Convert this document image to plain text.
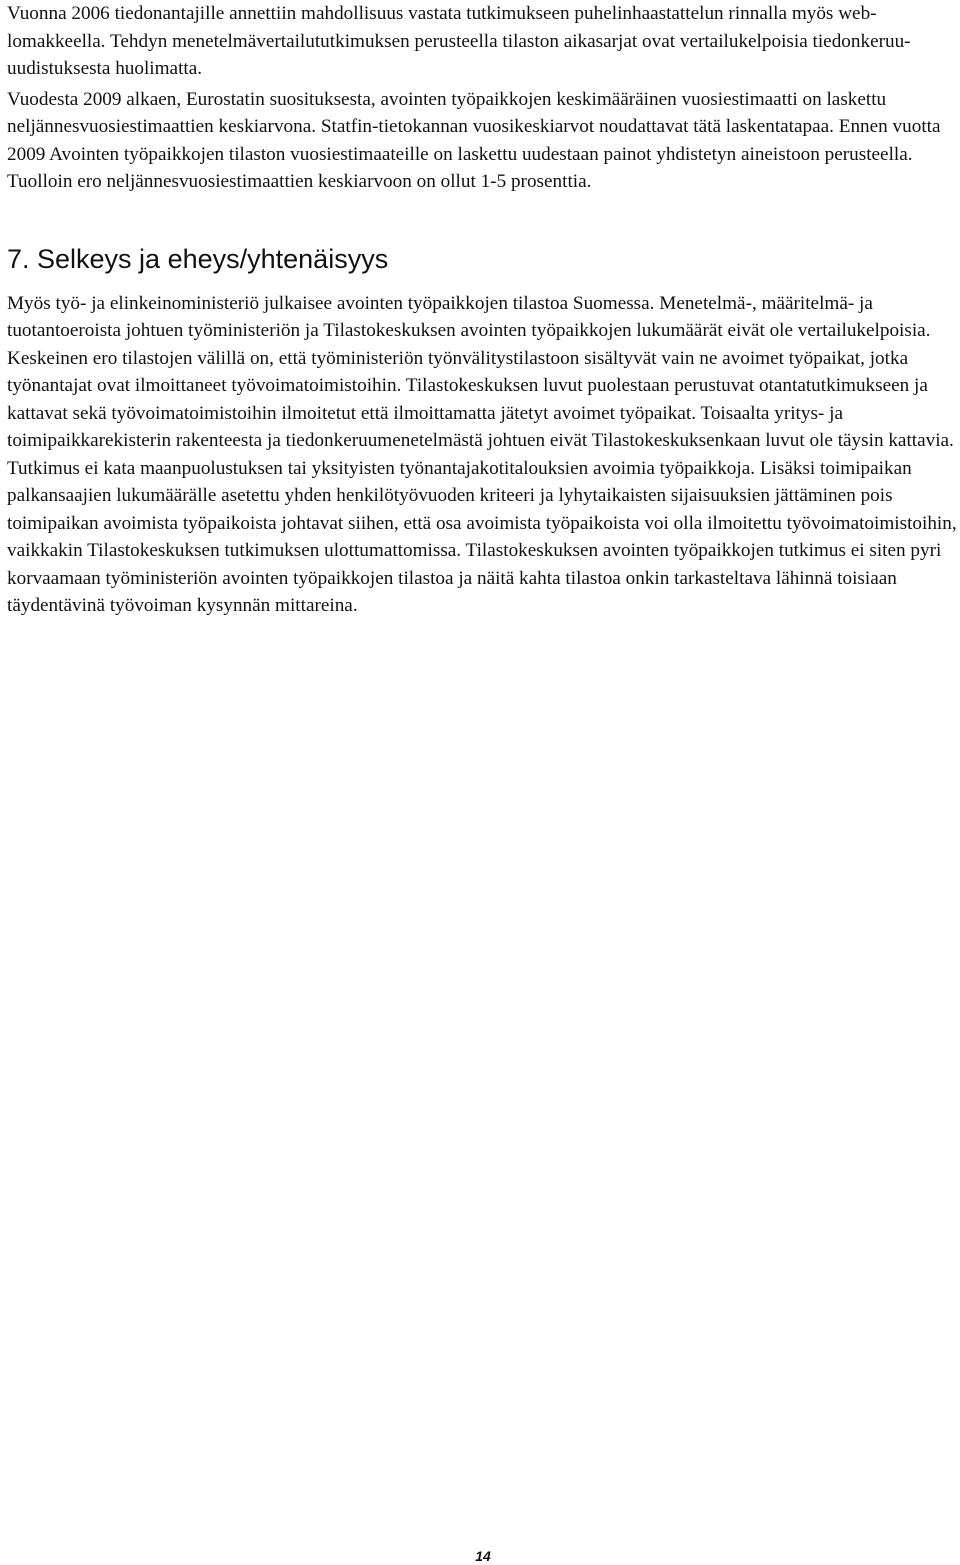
Vuonna 2006 tiedonantajille annettiin mahdollisuus vastata tutkimukseen puhelinhaastattelun rinnalla myös web-lomakkeella. Tehdyn menetelmävertailututkimuksen perusteella tilaston aikasarjat ovat vertailukelpoisia tiedonkeruu-uudistuksesta huolimatta.

Vuodesta 2009 alkaen, Eurostatin suosituksesta, avointen työpaikkojen keskimääräinen vuosiestimaatti on laskettu neljännesvuosiestimaattien keskiarvona. Statfin-tietokannan vuosikeskiarvot noudattavat tätä laskentatapaa. Ennen vuotta 2009 Avointen työpaikkojen tilaston vuosiestimaateille on laskettu uudestaan painot yhdistetyn aineistoon perusteella. Tuolloin ero neljännesvuosiestimaattien keskiarvoon on ollut 1-5 prosenttia.

7. Selkeys ja eheys/yhtenäisyys

Myös työ- ja elinkeinoministeriö julkaisee avointen työpaikkojen tilastoa Suomessa. Menetelmä-, määritelmä- ja tuotantoeroista johtuen työministeriön ja Tilastokeskuksen avointen työpaikkojen lukumäärät eivät ole vertailukelpoisia. Keskeinen ero tilastojen välillä on, että työministeriön työnvälitystilastoon sisältyvät vain ne avoimet työpaikat, jotka työnantajat ovat ilmoittaneet työvoimatoimistoihin. Tilastokeskuksen luvut puolestaan perustuvat otantatutkimukseen ja kattavat sekä työvoimatoimistoihin ilmoitetut että ilmoittamatta jätetyt avoimet työpaikat. Toisaalta yritys- ja toimipaikkarekisterin rakenteesta ja tiedonkeruumenetelmästä johtuen eivät Tilastokeskuksenkaan luvut ole täysin kattavia. Tutkimus ei kata maanpuolustuksen tai yksityisten työnantajakotitalouksien avoimia työpaikkoja. Lisäksi toimipaikan palkansaajien lukumäärälle asetettu yhden henkilötyövuoden kriteeri ja lyhytaikaisten sijaisuuksien jättäminen pois toimipaikan avoimista työpaikoista johtavat siihen, että osa avoimista työpaikoista voi olla ilmoitettu työvoimatoimistoihin, vaikkakin Tilastokeskuksen tutkimuksen ulottumattomissa. Tilastokeskuksen avointen työpaikkojen tutkimus ei siten pyri korvaamaan työministeriön avointen työpaikkojen tilastoa ja näitä kahta tilastoa onkin tarkasteltava lähinnä toisiaan täydentävinä työvoiman kysynnän mittareina.

14
